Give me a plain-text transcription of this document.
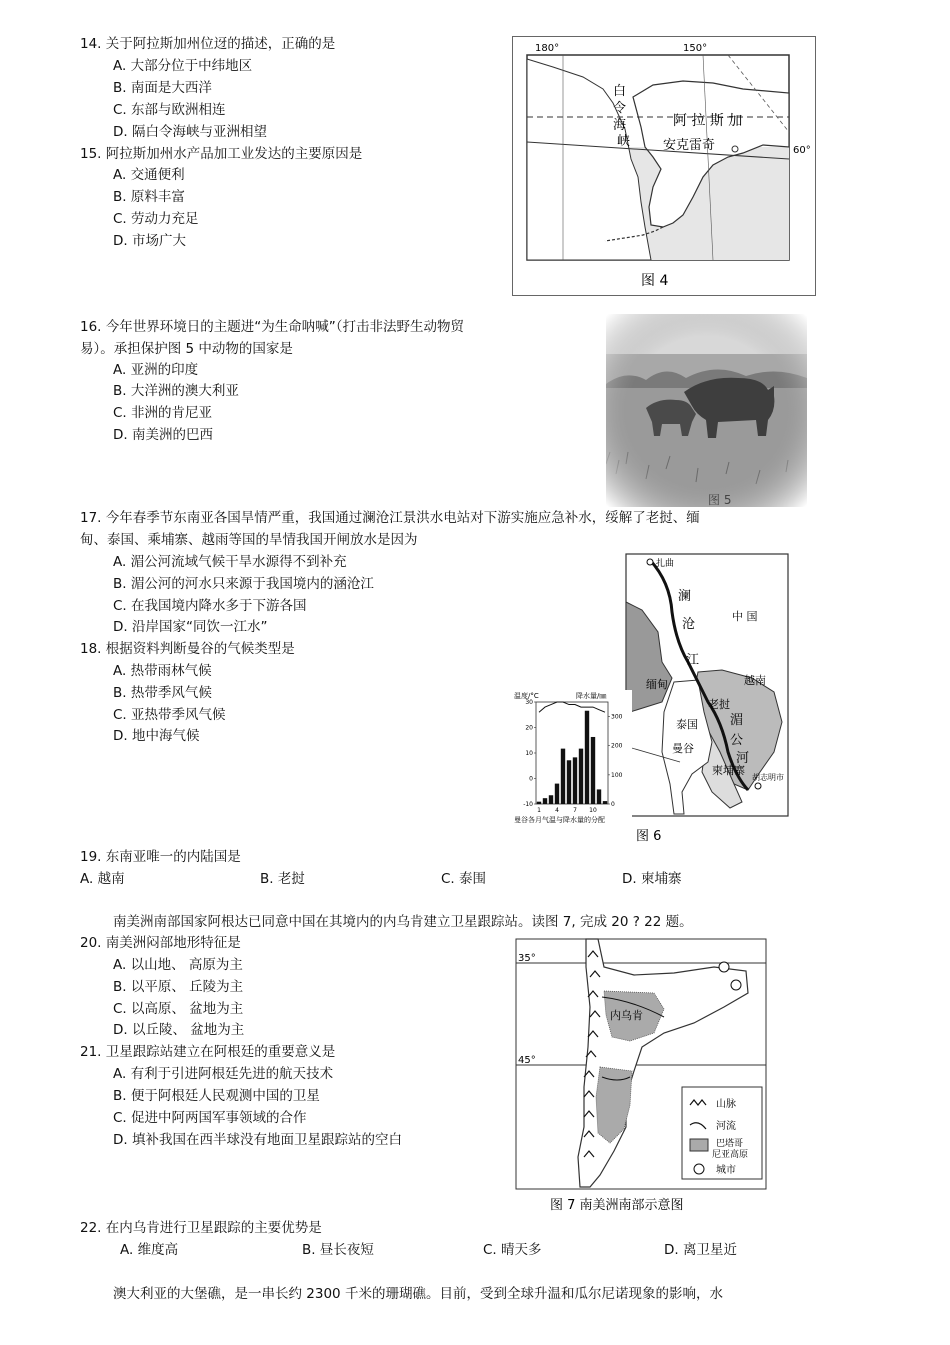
14. 关于阿拉斯加州位迓的描述，正确的是
A. 大部分位于中纬地区
B. 南面是大西洋
C. 东部与欧洲相连
D. 隔白令海峡与亚洲相望
15. 阿拉斯加州水产品加工业发达的主要原因是
A. 交通便利
B. 原料丰富
C. 劳动力充足
D. 市场广大
180°	150°
60°
白
令
海
峡
阿 拉 斯 加
安克雷奇
图 4
16. 今年世界环境日的主题进“为生命呐喊”（打击非法野生动物贸
易）。承担保护图 5 中动物的国家是
A. 亚洲的印度
B. 大洋洲的澳大利亚
C. 非洲的肯尼亚
D. 南美洲的巴西
图 5
17. 今年春季节东南亚各国旱情严重，我国通过澜沧江景洪水电站对下游实施应急补水，绥解了老挝、缅
甸、泰国、乘埔寨、越雨等国的旱情我国开闸放水是因为
A. 湄公河流域气候干旱水源得不到补充
B. 湄公河的河水只来源于我国境内的涵沧江
C. 在我国境内降水多于下游各国
D. 沿岸国家“同饮一江水”
18. 根据资料判断曼谷的气候类型是
A. 热带雨林气候
B. 热带季风气候
C. 亚热带季风气候
D. 地中海气候
扎曲
澜
沧
江
中 国
缅甸	越南
老挝
湄
公
河
泰国
曼谷
柬埔寨
胡志明市
温度/°C	降水量/㎜
30
20
10
0
-10
300
200
100
0
1 4 7 10
曼谷各月气温与降水量的分配
图 6
19. 东南亚唯一的内陆国是
A. 越南	B. 老挝	C. 泰围	D. 柬埔寨
南美洲南部国家阿根达已同意中国在其境内的内乌肯建立卫星跟踪站。读图 7, 完成 20 ? 22 题。
20. 南美洲闷部地形特征是
A. 以山地、 高原为主
B. 以平原、 丘陵为主
C. 以高原、 盆地为主
D. 以丘陵、 盆地为主
21. 卫星跟踪站建立在阿根廷的重要意义是
A. 有利于引进阿根廷先进的航天技术
B. 便于阿根廷人民观测中国的卫星
C. 促进中阿两国军事领域的合作
D. 填补我国在西半球没有地面卫星跟踪站的空白
35°
45°
内乌肯
山脉
河流
巴塔哥
尼亚高原
城市
图 7 南美洲南部示意图
22. 在内乌肯进行卫星跟踪的主要优势是
A. 维度高	B. 昼长夜短	C. 晴天多	D. 离卫星近
澳大利亚的大堡礁，是一串长约 2300 千米的珊瑚礁。目前，受到全球升温和瓜尔尼诺现象的影响，水
